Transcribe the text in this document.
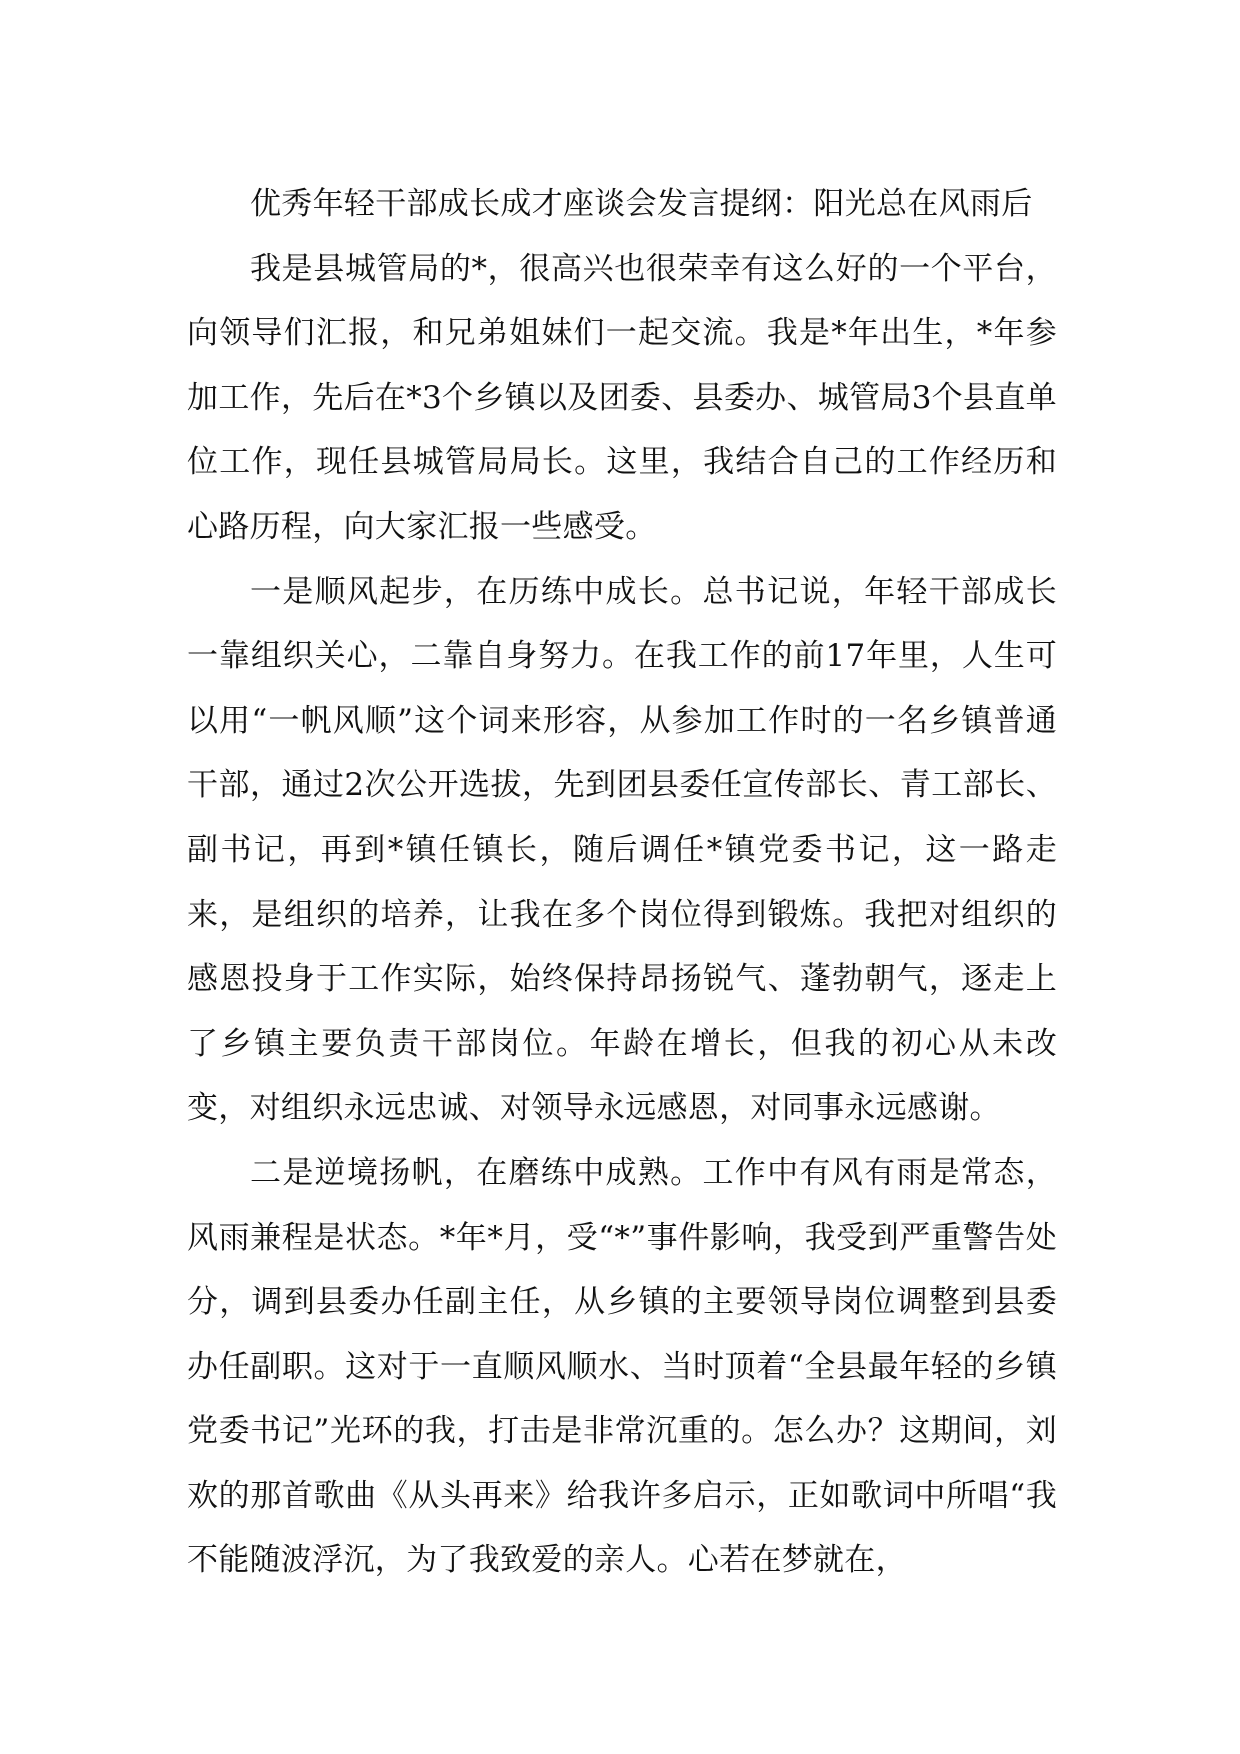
优秀年轻干部成长成才座谈会发言提纲：阳光总在风雨后

我是县城管局的*，很高兴也很荣幸有这么好的一个平台，向领导们汇报，和兄弟姐妹们一起交流。我是*年出生，*年参加工作，先后在*3个乡镇以及团委、县委办、城管局3个县直单位工作，现任县城管局局长。这里，我结合自己的工作经历和心路历程，向大家汇报一些感受。

一是顺风起步，在历练中成长。总书记说，年轻干部成长一靠组织关心，二靠自身努力。在我工作的前17年里，人生可以用“一帆风顺”这个词来形容，从参加工作时的一名乡镇普通干部，通过2次公开选拔，先到团县委任宣传部长、青工部长、副书记，再到*镇任镇长，随后调任*镇党委书记，这一路走来，是组织的培养，让我在多个岗位得到锻炼。我把对组织的感恩投身于工作实际，始终保持昂扬锐气、蓬勃朝气，逐走上了乡镇主要负责干部岗位。年龄在增长，但我的初心从未改变，对组织永远忠诚、对领导永远感恩，对同事永远感谢。

二是逆境扬帆，在磨练中成熟。工作中有风有雨是常态，风雨兼程是状态。*年*月，受“*”事件影响，我受到严重警告处分，调到县委办任副主任，从乡镇的主要领导岗位调整到县委办任副职。这对于一直顺风顺水、当时顶着“全县最年轻的乡镇党委书记”光环的我，打击是非常沉重的。怎么办？这期间，刘欢的那首歌曲《从头再来》给我许多启示，正如歌词中所唱“我不能随波浮沉，为了我致爱的亲人。心若在梦就在，
